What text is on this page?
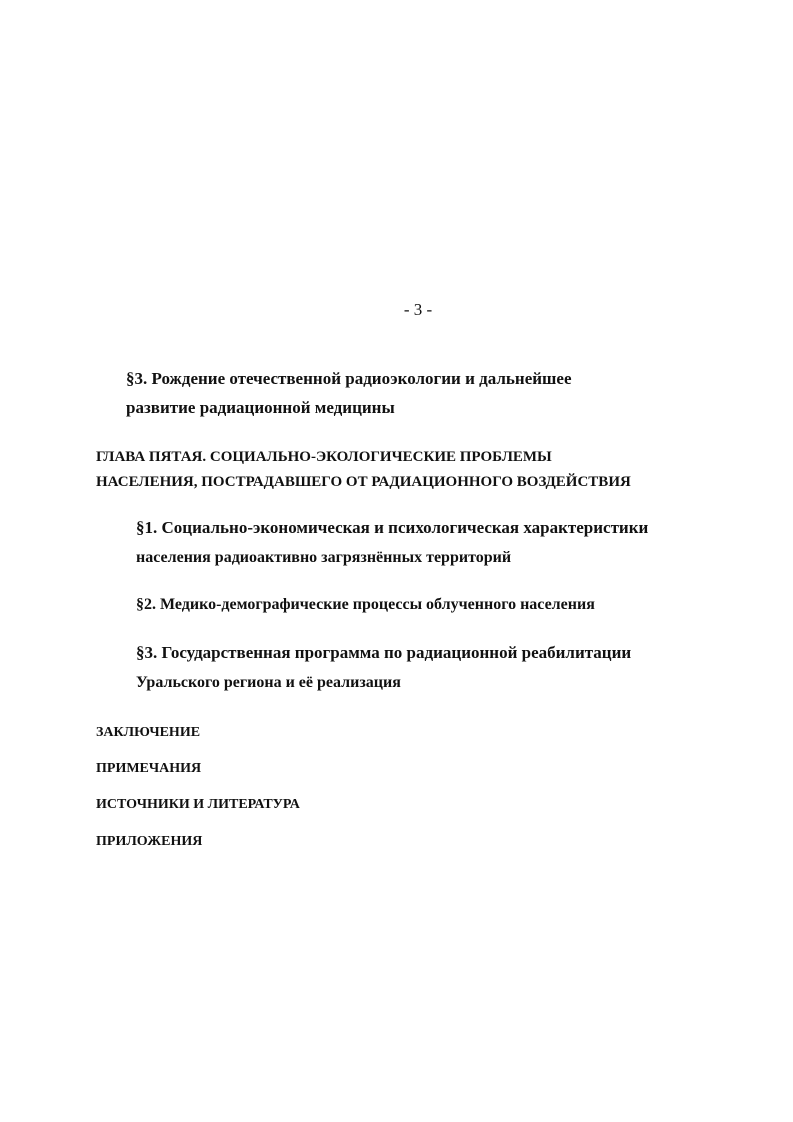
- 3 -
§3. Рождение отечественной радиоэкологии и дальнейшее
развитие радиационной медицины
ГЛАВА ПЯТАЯ. СОЦИАЛЬНО-ЭКОЛОГИЧЕСКИЕ ПРОБЛЕМЫ
НАСЕЛЕНИЯ, ПОСТРАДАВШЕГО ОТ РАДИАЦИОННОГО ВОЗДЕЙСТВИЯ
§1. Социально-экономическая и психологическая характеристики
населения радиоактивно загрязнённых территорий
§2. Медико-демографические процессы облученного населения
§3. Государственная программа по радиационной реабилитации
Уральского региона и её реализация
ЗАКЛЮЧЕНИЕ
ПРИМЕЧАНИЯ
ИСТОЧНИКИ И ЛИТЕРАТУРА
ПРИЛОЖЕНИЯ
